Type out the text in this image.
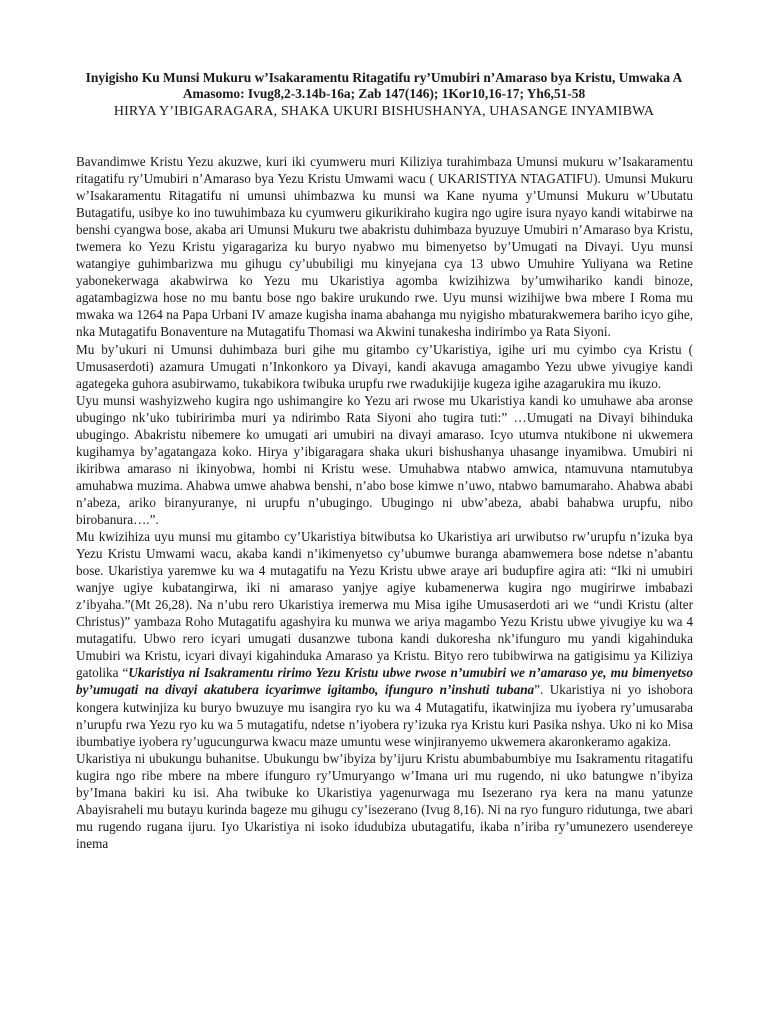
Inyigisho Ku Munsi Mukuru w’Isakaramentu Ritagatifu ry’Umubiri n’Amaraso bya Kristu, Umwaka A

Amasomo: Ivug8,2-3.14b-16a; Zab 147(146); 1Kor10,16-17; Yh6,51-58

HIRYA Y’IBIGARAGARA, SHAKA UKURI BISHUSHANYA, UHASANGE INYAMIBWA

Bavandimwe Kristu Yezu akuzwe, kuri iki cyumweru muri Kiliziya turahimbaza Umunsi mukuru w’Isakaramentu ritagatifu ry’Umubiri n’Amaraso bya Yezu Kristu Umwami wacu ( UKARISTIYA NTAGATIFU). Umunsi Mukuru w’Isakaramentu Ritagatifu ni umunsi uhimbazwa ku munsi wa Kane nyuma y’Umunsi Mukuru w’Ubutatu Butagatifu, usibye ko ino tuwuhimbaza ku cyumweru gikurikiraho kugira ngo ugire isura nyayo kandi witabirwe na benshi cyangwa bose, akaba ari Umunsi Mukuru twe abakristu duhimbaza byuzuye Umubiri n’Amaraso bya Kristu, twemera ko Yezu Kristu yigaragariza ku buryo nyabwo mu bimenyetso by’Umugati na Divayi. Uyu munsi watangiye guhimbarizwa mu gihugu cy’ububiligi mu kinyejana cya 13 ubwo Umuhire Yuliyana wa Retine yabonekerwaga akabwirwa ko Yezu mu Ukaristiya agomba kwizihizwa by’umwihariko kandi binoze, agatambagizwa hose no mu bantu bose ngo bakire urukundo rwe. Uyu munsi wizihijwe bwa mbere I Roma mu mwaka wa 1264 na Papa Urbani IV amaze kugisha inama abahanga mu nyigisho mbaturakwemera bariho icyo gihe, nka Mutagatifu Bonaventure na Mutagatifu Thomasi wa Akwini tunakesha indirimbo ya Rata Siyoni.

Mu by’ukuri ni Umunsi duhimbaza buri gihe mu gitambo cy’Ukaristiya, igihe uri mu cyimbo cya Kristu ( Umusaserdoti) azamura Umugati n’Inkonkoro ya Divayi, kandi akavuga amagambo Yezu ubwe yivugiye kandi agategeka guhora asubirwamo, tukabikora twibuka urupfu rwe rwadukijije kugeza igihe azagarukira mu ikuzo.

Uyu munsi washyizweho kugira ngo ushimangire ko Yezu ari rwose mu Ukaristiya kandi ko umuhawe aba aronse ubugingo nk’uko tubiririmba muri ya ndirimbo Rata Siyoni aho tugira tuti:” …Umugati na Divayi bihinduka ubugingo. Abakristu nibemere ko umugati ari umubiri na divayi amaraso. Icyo utumva ntukibone ni ukwemera kugihamya by’agatangaza koko. Hirya y’ibigaragara shaka ukuri bishushanya uhasange inyamibwa. Umubiri ni ikiribwa amaraso ni ikinyobwa, hombi ni Kristu wese. Umuhabwa ntabwo amwica, ntamuvuna ntamutubya amuhabwa muzima. Ahabwa umwe ahabwa benshi, n’abo bose kimwe n’uwo, ntabwo bamumaraho. Ahabwa ababi n’abeza, ariko biranyuranye, ni urupfu n’ubugingo. Ubugingo ni ubw’abeza, ababi bahabwa urupfu, nibo birobanura….”.

Mu kwizihiza uyu munsi mu gitambo cy’Ukaristiya bitwibutsa ko Ukaristiya ari urwibutso rw’urupfu n’izuka bya Yezu Kristu Umwami wacu, akaba kandi n’ikimenyetso cy’ubumwe buranga abamwemera bose ndetse n’abantu bose. Ukaristiya yaremwe ku wa 4 mutagatifu na Yezu Kristu ubwe araye ari budupfire agira ati: “Iki ni umubiri wanjye ugiye kubatangirwa, iki ni amaraso yanjye agiye kubamenerwa kugira ngo mugirirwe imbabazi z’ibyaha.”(Mt 26,28). Na n’ubu rero Ukaristiya iremerwa mu Misa igihe Umusaserdoti ari we “undi Kristu (alter Christus)” yambaza Roho Mutagatifu agashyira ku munwa we ariya magambo Yezu Kristu ubwe yivugiye ku wa 4 mutagatifu. Ubwo rero icyari umugati dusanzwe tubona kandi dukoresha nk’ifunguro mu yandi kigahinduka Umubiri wa Kristu, icyari divayi kigahinduka Amaraso ya Kristu. Bityo rero tubibwirwa na gatigisimu ya Kiliziya gatolika “Ukaristiya ni Isakramentu ririmo Yezu Kristu ubwe rwose n’umubiri we n’amaraso ye, mu bimenyetso by’umugati na divayi akatubera icyarimwe igitambo, ifunguro n’inshuti tubana”. Ukaristiya ni yo ishobora kongera kutwinjiza ku buryo bwuzuye mu isangira ryo ku wa 4 Mutagatifu, ikatwinjiza mu iyobera ry’umusaraba n’urupfu rwa Yezu ryo ku wa 5 mutagatifu, ndetse n’iyobera ry’izuka rya Kristu kuri Pasika nshya. Uko ni ko Misa ibumbatiye iyobera ry’ugucungurwa kwacu maze umuntu wese winjiranyemo ukwemera akaronkeramo agakiza.

Ukaristiya ni ubukungu buhanitse. Ubukungu bw’ibyiza by’ijuru Kristu abumbabumbiye mu Isakramentu ritagatifu kugira ngo ribe mbere na mbere ifunguro ry’Umuryango w’Imana uri mu rugendo, ni uko batungwe n’ibyiza by’Imana bakiri ku isi. Aha twibuke ko Ukaristiya yagenurwaga mu Isezerano rya kera na manu yatunze Abayisraheli mu butayu kurinda bageze mu gihugu cy’isezerano (Ivug 8,16). Ni na ryo funguro ridutunga, twe abari mu rugendo rugana ijuru. Iyo Ukaristiya ni isoko idudubiza ubutagatifu, ikaba n’iriba ry’umunezero usendereye inema
